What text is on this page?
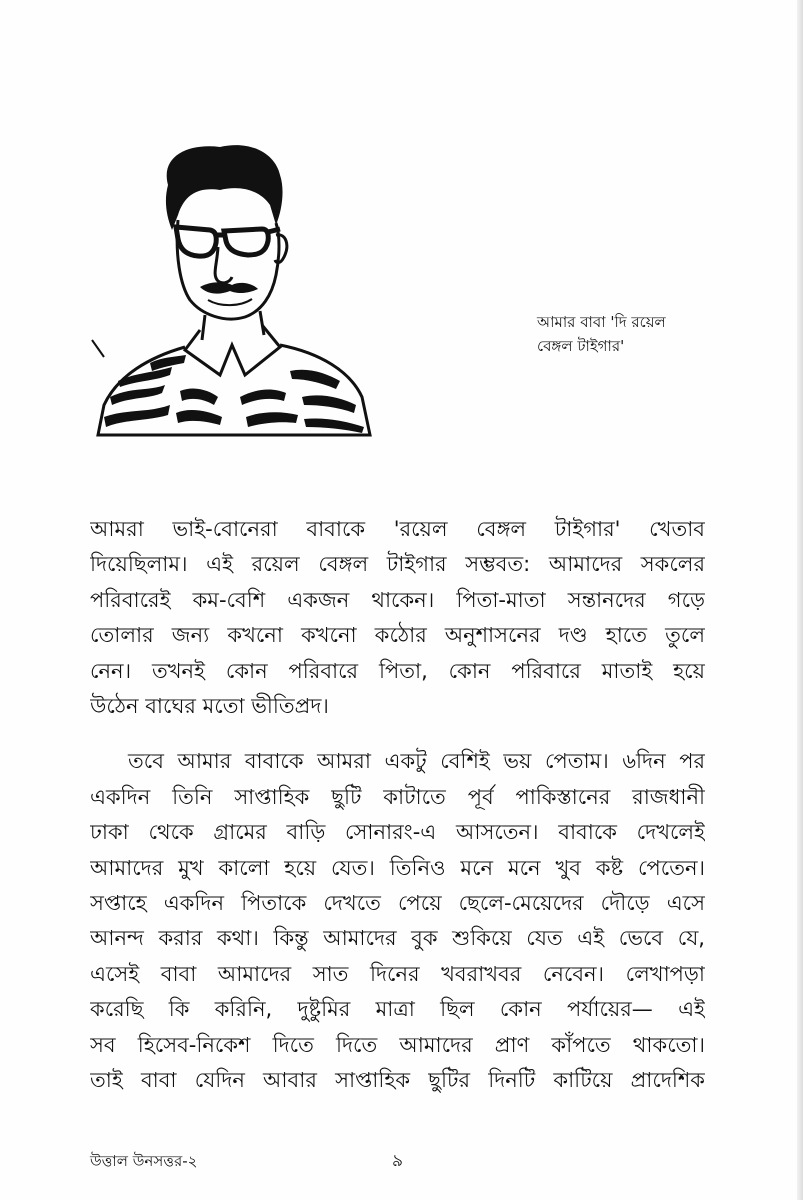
আমার বাবা 'দি রয়েল
বেঙ্গল টাইগার'

আমরা ভাই-বোনেরা বাবাকে 'রয়েল বেঙ্গল টাইগার' খেতাব

দিয়েছিলাম। এই রয়েল বেঙ্গল টাইগার সম্ভবত: আমাদের সকলের

পরিবারেই কম-বেশি একজন থাকেন। পিতা-মাতা সন্তানদের গড়ে

তোলার জন্য কখনো কখনো কঠোর অনুশাসনের দণ্ড হাতে তুলে

নেন। তখনই কোন পরিবারে পিতা, কোন পরিবারে মাতাই হয়ে

উঠেন বাঘের মতো ভীতিপ্রদ।

তবে আমার বাবাকে আমরা একটু বেশিই ভয় পেতাম। ৬দিন পর

একদিন তিনি সাপ্তাহিক ছুটি কাটাতে পূর্ব পাকিস্তানের রাজধানী

ঢাকা থেকে গ্রামের বাড়ি সোনারং-এ আসতেন। বাবাকে দেখলেই

আমাদের মুখ কালো হয়ে যেত। তিনিও মনে মনে খুব কষ্ট পেতেন।

সপ্তাহে একদিন পিতাকে দেখতে পেয়ে ছেলে-মেয়েদের দৌড়ে এসে

আনন্দ করার কথা। কিন্তু আমাদের বুক শুকিয়ে যেত এই ভেবে যে,

এসেই বাবা আমাদের সাত দিনের খবরাখবর নেবেন। লেখাপড়া

করেছি কি করিনি, দুষ্টুমির মাত্রা ছিল কোন পর্যায়ের— এই

সব হিসেব-নিকেশ দিতে দিতে আমাদের প্রাণ কাঁপতে থাকতো।

তাই বাবা যেদিন আবার সাপ্তাহিক ছুটির দিনটি কাটিয়ে প্রাদেশিক

উত্তাল উনসত্তর-২	৯
